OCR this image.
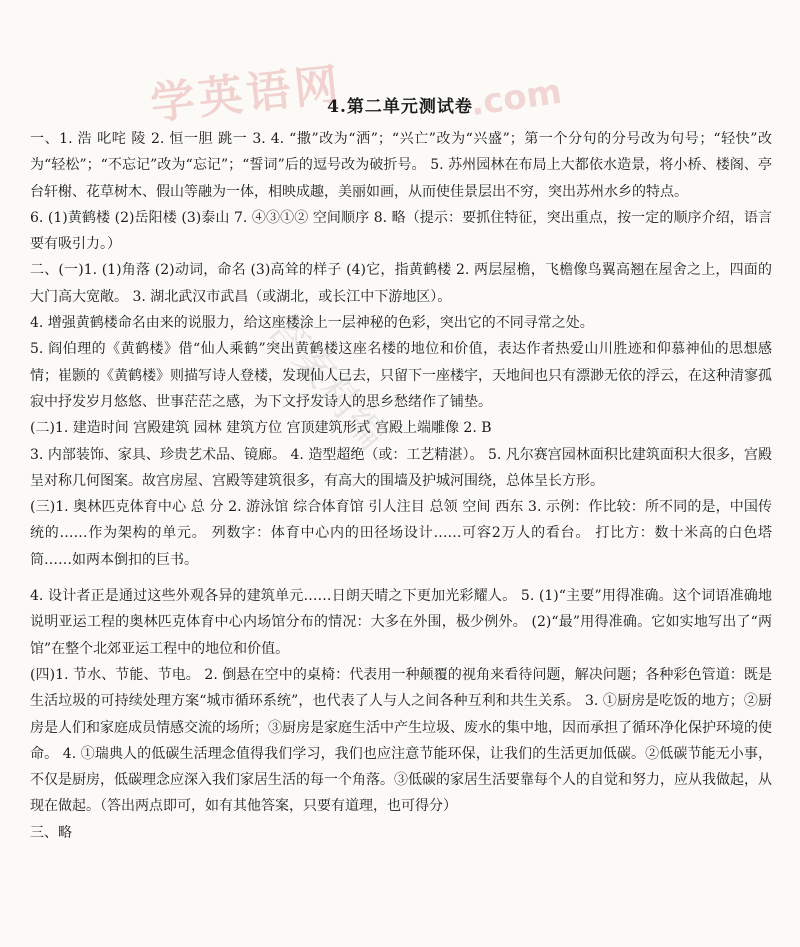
学英语网	.com
答案精编
4.第二单元测试卷

一、1. 浩 叱咤 陵 2. 恒一胆 跳一 3. 4. “撒”改为“洒”；“兴亡”改为“兴盛”；第一个分句的分号改为句号；“轻快”改为“轻松”；“不忘记”改为“忘记”；“誓词”后的逗号改为破折号。 5. 苏州园林在布局上大都依水造景，将小桥、楼阁、亭台轩榭、花草树木、假山等融为一体，相映成趣，美丽如画，从而使佳景层出不穷，突出苏州水乡的特点。

6. (1)黄鹤楼 (2)岳阳楼 (3)泰山 7. ④③①② 空间顺序 8. 略（提示：要抓住特征，突出重点，按一定的顺序介绍，语言要有吸引力。）

二、(一)1. (1)角落 (2)动词，命名 (3)高耸的样子 (4)它，指黄鹤楼 2. 两层屋檐，飞檐像鸟翼高翘在屋舍之上，四面的大门高大宽敞。 3. 湖北武汉市武昌（或湖北，或长江中下游地区）。

4. 增强黄鹤楼命名由来的说服力，给这座楼涂上一层神秘的色彩，突出它的不同寻常之处。

5. 阎伯理的《黄鹤楼》借“仙人乘鹤”突出黄鹤楼这座名楼的地位和价值，表达作者热爱山川胜迹和仰慕神仙的思想感情；崔颢的《黄鹤楼》则描写诗人登楼，发现仙人已去，只留下一座楼宇，天地间也只有漂渺无依的浮云，在这种清寥孤寂中抒发岁月悠悠、世事茫茫之感，为下文抒发诗人的思乡愁绪作了铺垫。

(二)1. 建造时间 宫殿建筑 园林 建筑方位 宫顶建筑形式 宫殿上端雕像 2. B

3. 内部装饰、家具、珍贵艺术品、镜廊。 4. 造型超绝（或：工艺精湛）。 5. 凡尔赛宫园林面积比建筑面积大很多，宫殿呈对称几何图案。故宫房屋、宫殿等建筑很多，有高大的围墙及护城河围绕，总体呈长方形。

(三)1. 奥林匹克体育中心 总 分 2. 游泳馆 综合体育馆 引人注目 总领 空间 西东 3. 示例：作比较：所不同的是，中国传统的……作为架构的单元。 列数字：体育中心内的田径场设计……可容2万人的看台。 打比方：数十米高的白色塔筒……如两本倒扣的巨书。

4. 设计者正是通过这些外观各异的建筑单元……日朗天晴之下更加光彩耀人。 5. (1)“主要”用得准确。这个词语准确地说明亚运工程的奥林匹克体育中心内场馆分布的情况：大多在外围，极少例外。 (2)“最”用得准确。它如实地写出了“两馆”在整个北郊亚运工程中的地位和价值。

(四)1. 节水、节能、节电。 2. 倒悬在空中的桌椅：代表用一种颠覆的视角来看待问题，解决问题；各种彩色管道：既是生活垃圾的可持续处理方案“城市循环系统”，也代表了人与人之间各种互利和共生关系。 3. ①厨房是吃饭的地方；②厨房是人们和家庭成员情感交流的场所；③厨房是家庭生活中产生垃圾、废水的集中地，因而承担了循环净化保护环境的使命。 4. ①瑞典人的低碳生活理念值得我们学习，我们也应注意节能环保，让我们的生活更加低碳。②低碳节能无小事，不仅是厨房，低碳理念应深入我们家居生活的每一个角落。③低碳的家居生活要靠每个人的自觉和努力，应从我做起，从现在做起。（答出两点即可，如有其他答案，只要有道理，也可得分）

三、略
